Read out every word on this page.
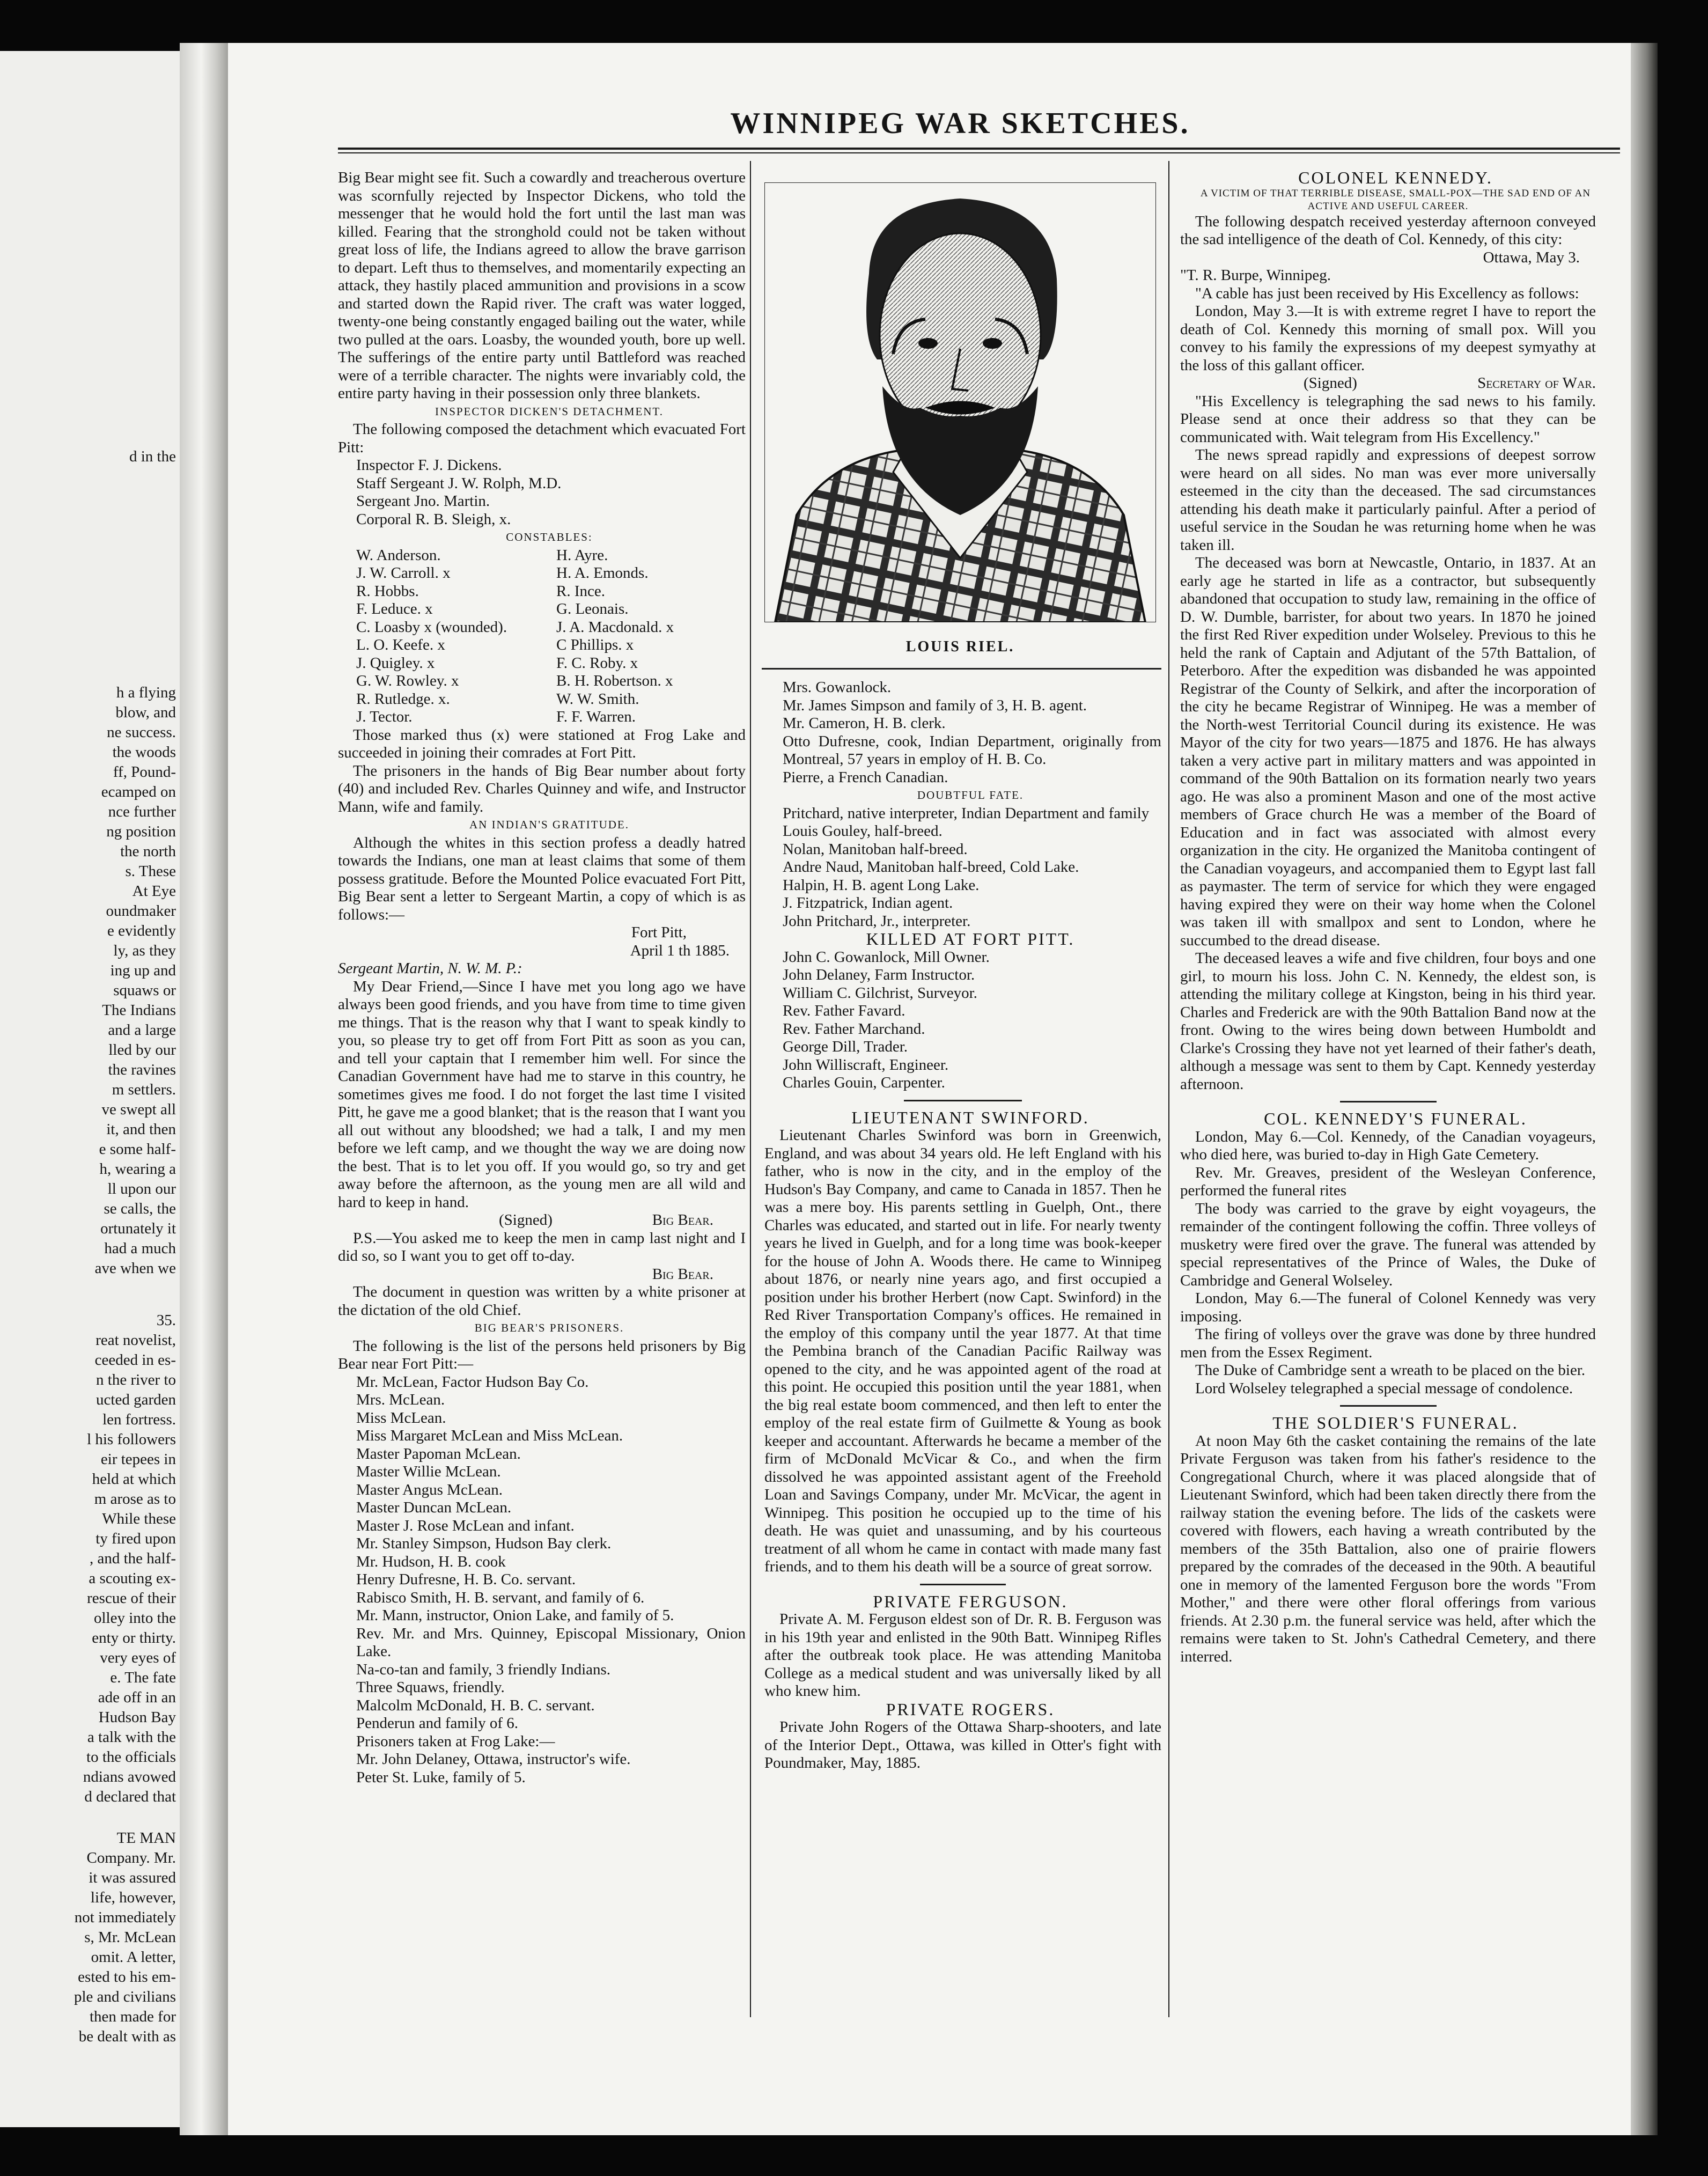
d in the
h a flying
blow, and
ne success.
the woods
ff, Pound-
ecamped on
nce further
ng position
the north
s. These
At Eye
oundmaker
e evidently
ly, as they
ing up and
squaws or
The Indians
and a large
lled by our
the ravines
m settlers.
ve swept all
it, and then
e some half-
h, wearing a
ll upon our
se calls, the
ortunately it
had a much
ave when we
35.
reat novelist,
ceeded in es-
n the river to
ucted garden
len fortress.
l his followers
eir tepees in
held at which
m arose as to
While these
ty fired upon
, and the half-
a scouting ex-
rescue of their
olley into the
enty or thirty.
very eyes of
e. The fate
ade off in an
Hudson Bay
a talk with the
to the officials
ndians avowed
d declared that
TE MAN
Company. Mr.
it was assured
life, however,
not immediately
s, Mr. McLean
omit. A letter,
ested to his em-
ple and civilians
then made for
be dealt with as
WINNIPEG WAR SKETCHES.

Big Bear might see fit. Such a cowardly and treacherous overture was scornfully rejected by Inspector Dickens, who told the messenger that he would hold the fort until the last man was killed. Fearing that the stronghold could not be taken without great loss of life, the Indians agreed to allow the brave garrison to depart. Left thus to themselves, and momentarily expecting an attack, they hastily placed ammunition and provisions in a scow and started down the Rapid river. The craft was water logged, twenty-one being constantly engaged bailing out the water, while two pulled at the oars. Loasby, the wounded youth, bore up well. The sufferings of the entire party until Battleford was reached were of a terrible character. The nights were invariably cold, the entire party having in their possession only three blankets.

INSPECTOR DICKEN'S DETACHMENT.

The following composed the detachment which evacuated Fort Pitt:

Inspector F. J. Dickens.
Staff Sergeant J. W. Rolph, M.D.
Sergeant Jno. Martin.
Corporal R. B. Sleigh, x.

CONSTABLES:

W. Anderson.
J. W. Carroll. x
R. Hobbs.
F. Leduce. x
C. Loasby x (wounded).
L. O. Keefe. x
J. Quigley. x
G. W. Rowley. x
R. Rutledge. x.
J. Tector.
H. Ayre.
H. A. Emonds.
R. Ince.
G. Leonais.
J. A. Macdonald. x
C Phillips. x
F. C. Roby. x
B. H. Robertson. x
W. W. Smith.
F. F. Warren.

Those marked thus (x) were stationed at Frog Lake and succeeded in joining their comrades at Fort Pitt.

The prisoners in the hands of Big Bear number about forty (40) and included Rev. Charles Quinney and wife, and Instructor Mann, wife and family.

AN INDIAN'S GRATITUDE.

Although the whites in this section profess a deadly hatred towards the Indians, one man at least claims that some of them possess gratitude. Before the Mounted Police evacuated Fort Pitt, Big Bear sent a letter to Sergeant Martin, a copy of which is as follows:—

Fort Pitt,

April 1 th 1885.

Sergeant Martin, N. W. M. P.:

My Dear Friend,—Since I have met you long ago we have always been good friends, and you have from time to time given me things. That is the reason why that I want to speak kindly to you, so please try to get off from Fort Pitt as soon as you can, and tell your captain that I remember him well. For since the Canadian Government have had me to starve in this country, he sometimes gives me food. I do not forget the last time I visited Pitt, he gave me a good blanket; that is the reason that I want you all out without any bloodshed; we had a talk, I and my men before we left camp, and we thought the way we are doing now the best. That is to let you off. If you would go, so try and get away before the afternoon, as the young men are all wild and hard to keep in hand.

(Signed)	Big Bear.

P.S.—You asked me to keep the men in camp last night and I did so, so I want you to get off to-day.

Big Bear.

The document in question was written by a white prisoner at the dictation of the old Chief.

BIG BEAR'S PRISONERS.

The following is the list of the persons held prisoners by Big Bear near Fort Pitt:—

Mr. McLean, Factor Hudson Bay Co.
Mrs. McLean.
Miss McLean.
Miss Margaret McLean and Miss McLean.
Master Papoman McLean.
Master Willie McLean.
Master Angus McLean.
Master Duncan McLean.
Master J. Rose McLean and infant.
Mr. Stanley Simpson, Hudson Bay clerk.
Mr. Hudson, H. B. cook
Henry Dufresne, H. B. Co. servant.
Rabisco Smith, H. B. servant, and family of 6.
Mr. Mann, instructor, Onion Lake, and family of 5.
Rev. Mr. and Mrs. Quinney, Episcopal Missionary, Onion Lake.
Na-co-tan and family, 3 friendly Indians.
Three Squaws, friendly.
Malcolm McDonald, H. B. C. servant.
Penderun and family of 6.
Prisoners taken at Frog Lake:—
Mr. John Delaney, Ottawa, instructor's wife.
Peter St. Luke, family of 5.
LOUIS RIEL.
Mrs. Gowanlock.
Mr. James Simpson and family of 3, H. B. agent.
Mr. Cameron, H. B. clerk.
Otto Dufresne, cook, Indian Department, originally from Montreal, 57 years in employ of H. B. Co.
Pierre, a French Canadian.

DOUBTFUL FATE.

Pritchard, native interpreter, Indian Department and family
Louis Gouley, half-breed.
Nolan, Manitoban half-breed.
Andre Naud, Manitoban half-breed, Cold Lake.
Halpin, H. B. agent Long Lake.
J. Fitzpatrick, Indian agent.
John Pritchard, Jr., interpreter.

KILLED AT FORT PITT.

John C. Gowanlock, Mill Owner.
John Delaney, Farm Instructor.
William C. Gilchrist, Surveyor.
Rev. Father Favard.
Rev. Father Marchand.
George Dill, Trader.
John Williscraft, Engineer.
Charles Gouin, Carpenter.

LIEUTENANT SWINFORD.

Lieutenant Charles Swinford was born in Greenwich, England, and was about 34 years old. He left England with his father, who is now in the city, and in the employ of the Hudson's Bay Company, and came to Canada in 1857. Then he was a mere boy. His parents settling in Guelph, Ont., there Charles was educated, and started out in life. For nearly twenty years he lived in Guelph, and for a long time was book-keeper for the house of John A. Woods there. He came to Winnipeg about 1876, or nearly nine years ago, and first occupied a position under his brother Herbert (now Capt. Swinford) in the Red River Transportation Company's offices. He remained in the employ of this company until the year 1877. At that time the Pembina branch of the Canadian Pacific Railway was opened to the city, and he was appointed agent of the road at this point. He occupied this position until the year 1881, when the big real estate boom commenced, and then left to enter the employ of the real estate firm of Guilmette & Young as book keeper and accountant. Afterwards he became a member of the firm of McDonald McVicar & Co., and when the firm dissolved he was appointed assistant agent of the Freehold Loan and Savings Company, under Mr. McVicar, the agent in Winnipeg. This position he occupied up to the time of his death. He was quiet and unassuming, and by his courteous treatment of all whom he came in contact with made many fast friends, and to them his death will be a source of great sorrow.

PRIVATE FERGUSON.

Private A. M. Ferguson eldest son of Dr. R. B. Ferguson was in his 19th year and enlisted in the 90th Batt. Winnipeg Rifles after the outbreak took place. He was attending Manitoba College as a medical student and was universally liked by all who knew him.

PRIVATE ROGERS.

Private John Rogers of the Ottawa Sharp-shooters, and late of the Interior Dept., Ottawa, was killed in Otter's fight with Poundmaker, May, 1885.

COLONEL KENNEDY.

A VICTIM OF THAT TERRIBLE DISEASE, SMALL-POX—THE SAD END OF AN ACTIVE AND USEFUL CAREER.

The following despatch received yesterday afternoon conveyed the sad intelligence of the death of Col. Kennedy, of this city:

Ottawa, May 3.

"T. R. Burpe, Winnipeg.

"A cable has just been received by His Excellency as follows:

London, May 3.—It is with extreme regret I have to report the death of Col. Kennedy this morning of small pox. Will you convey to his family the expressions of my deepest symyathy at the loss of this gallant officer.

(Signed)	Secretary of War.

"His Excellency is telegraphing the sad news to his family. Please send at once their address so that they can be communicated with. Wait telegram from His Excellency."

The news spread rapidly and expressions of deepest sorrow were heard on all sides. No man was ever more universally esteemed in the city than the deceased. The sad circumstances attending his death make it particularly painful. After a period of useful service in the Soudan he was returning home when he was taken ill.

The deceased was born at Newcastle, Ontario, in 1837. At an early age he started in life as a contractor, but subsequently abandoned that occupation to study law, remaining in the office of D. W. Dumble, barrister, for about two years. In 1870 he joined the first Red River expedition under Wolseley. Previous to this he held the rank of Captain and Adjutant of the 57th Battalion, of Peterboro. After the expedition was disbanded he was appointed Registrar of the County of Selkirk, and after the incorporation of the city he became Registrar of Winnipeg. He was a member of the North-west Territorial Council during its existence. He was Mayor of the city for two years—1875 and 1876. He has always taken a very active part in military matters and was appointed in command of the 90th Battalion on its formation nearly two years ago. He was also a prominent Mason and one of the most active members of Grace church He was a member of the Board of Education and in fact was associated with almost every organization in the city. He organized the Manitoba contingent of the Canadian voyageurs, and accompanied them to Egypt last fall as paymaster. The term of service for which they were engaged having expired they were on their way home when the Colonel was taken ill with smallpox and sent to London, where he succumbed to the dread disease.

The deceased leaves a wife and five children, four boys and one girl, to mourn his loss. John C. N. Kennedy, the eldest son, is attending the military college at Kingston, being in his third year. Charles and Frederick are with the 90th Battalion Band now at the front. Owing to the wires being down between Humboldt and Clarke's Crossing they have not yet learned of their father's death, although a message was sent to them by Capt. Kennedy yesterday afternoon.

COL. KENNEDY'S FUNERAL.

London, May 6.—Col. Kennedy, of the Canadian voyageurs, who died here, was buried to-day in High Gate Cemetery.

Rev. Mr. Greaves, president of the Wesleyan Conference, performed the funeral rites

The body was carried to the grave by eight voyageurs, the remainder of the contingent following the coffin. Three volleys of musketry were fired over the grave. The funeral was attended by special representatives of the Prince of Wales, the Duke of Cambridge and General Wolseley.

London, May 6.—The funeral of Colonel Kennedy was very imposing.

The firing of volleys over the grave was done by three hundred men from the Essex Regiment.

The Duke of Cambridge sent a wreath to be placed on the bier.

Lord Wolseley telegraphed a special message of condolence.

THE SOLDIER'S FUNERAL.

At noon May 6th the casket containing the remains of the late Private Ferguson was taken from his father's residence to the Congregational Church, where it was placed alongside that of Lieutenant Swinford, which had been taken directly there from the railway station the evening before. The lids of the caskets were covered with flowers, each having a wreath contributed by the members of the 35th Battalion, also one of prairie flowers prepared by the comrades of the deceased in the 90th. A beautiful one in memory of the lamented Ferguson bore the words "From Mother," and there were other floral offerings from various friends. At 2.30 p.m. the funeral service was held, after which the remains were taken to St. John's Cathedral Cemetery, and there interred.
